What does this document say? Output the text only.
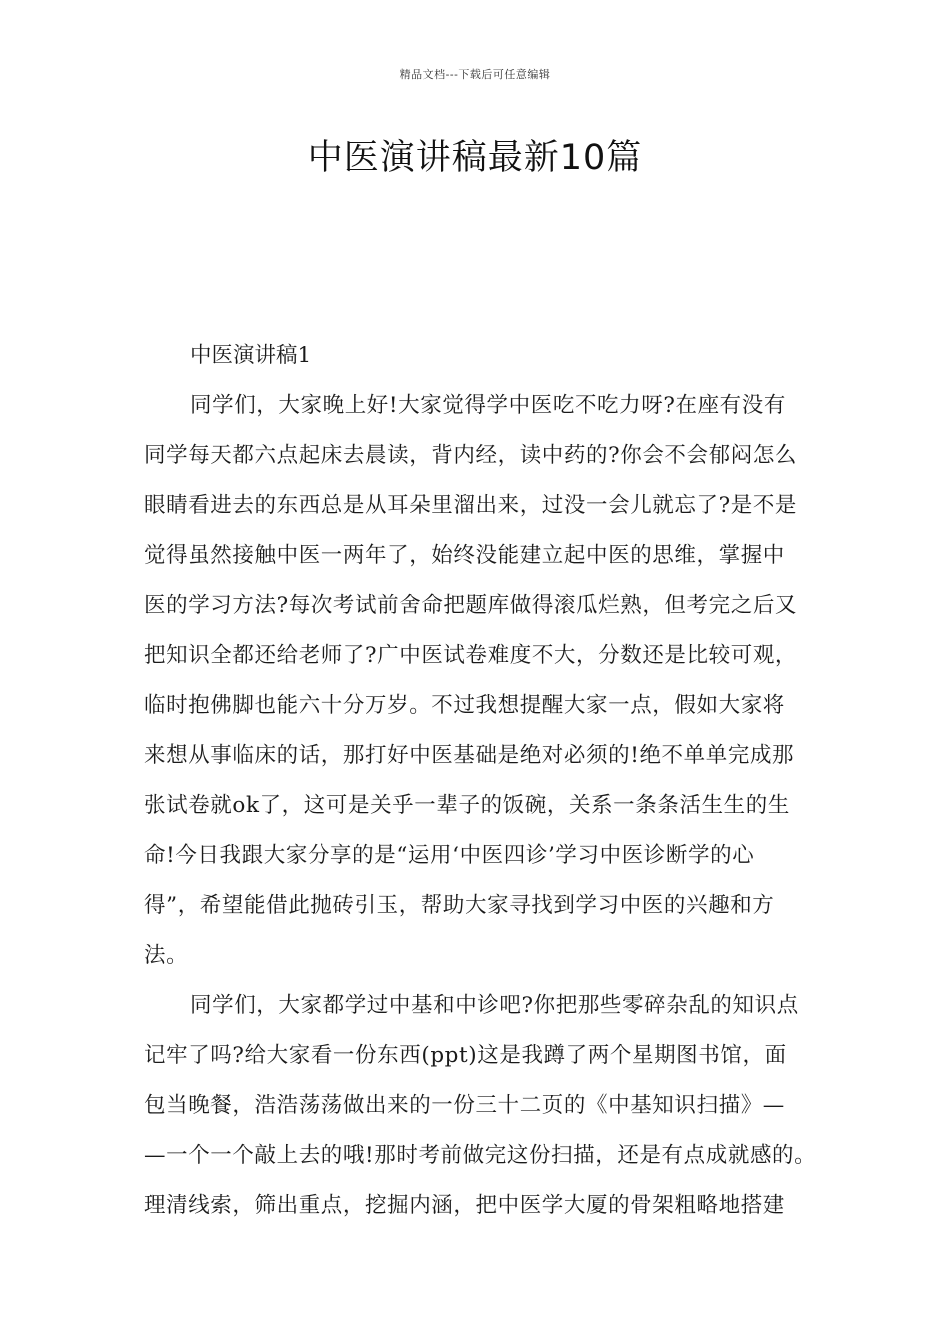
精品文档---下载后可任意编辑
中医演讲稿最新10篇
中医演讲稿1
同学们，大家晚上好!大家觉得学中医吃不吃力呀?在座有没有
同学每天都六点起床去晨读，背内经，读中药的?你会不会郁闷怎么
眼睛看进去的东西总是从耳朵里溜出来，过没一会儿就忘了?是不是
觉得虽然接触中医一两年了，始终没能建立起中医的思维，掌握中
医的学习方法?每次考试前舍命把题库做得滚瓜烂熟，但考完之后又
把知识全都还给老师了?广中医试卷难度不大，分数还是比较可观，
临时抱佛脚也能六十分万岁。不过我想提醒大家一点，假如大家将
来想从事临床的话，那打好中医基础是绝对必须的!绝不单单完成那
张试卷就ok了，这可是关乎一辈子的饭碗，关系一条条活生生的生
命!今日我跟大家分享的是“运用‘中医四诊’学习中医诊断学的心
得”，希望能借此抛砖引玉，帮助大家寻找到学习中医的兴趣和方
法。
同学们，大家都学过中基和中诊吧?你把那些零碎杂乱的知识点
记牢了吗?给大家看一份东西(ppt)这是我蹲了两个星期图书馆，面
包当晚餐，浩浩荡荡做出来的一份三十二页的《中基知识扫描》—
—一个一个敲上去的哦!那时考前做完这份扫描，还是有点成就感的。
理清线索，筛出重点，挖掘内涵，把中医学大厦的骨架粗略地搭建
